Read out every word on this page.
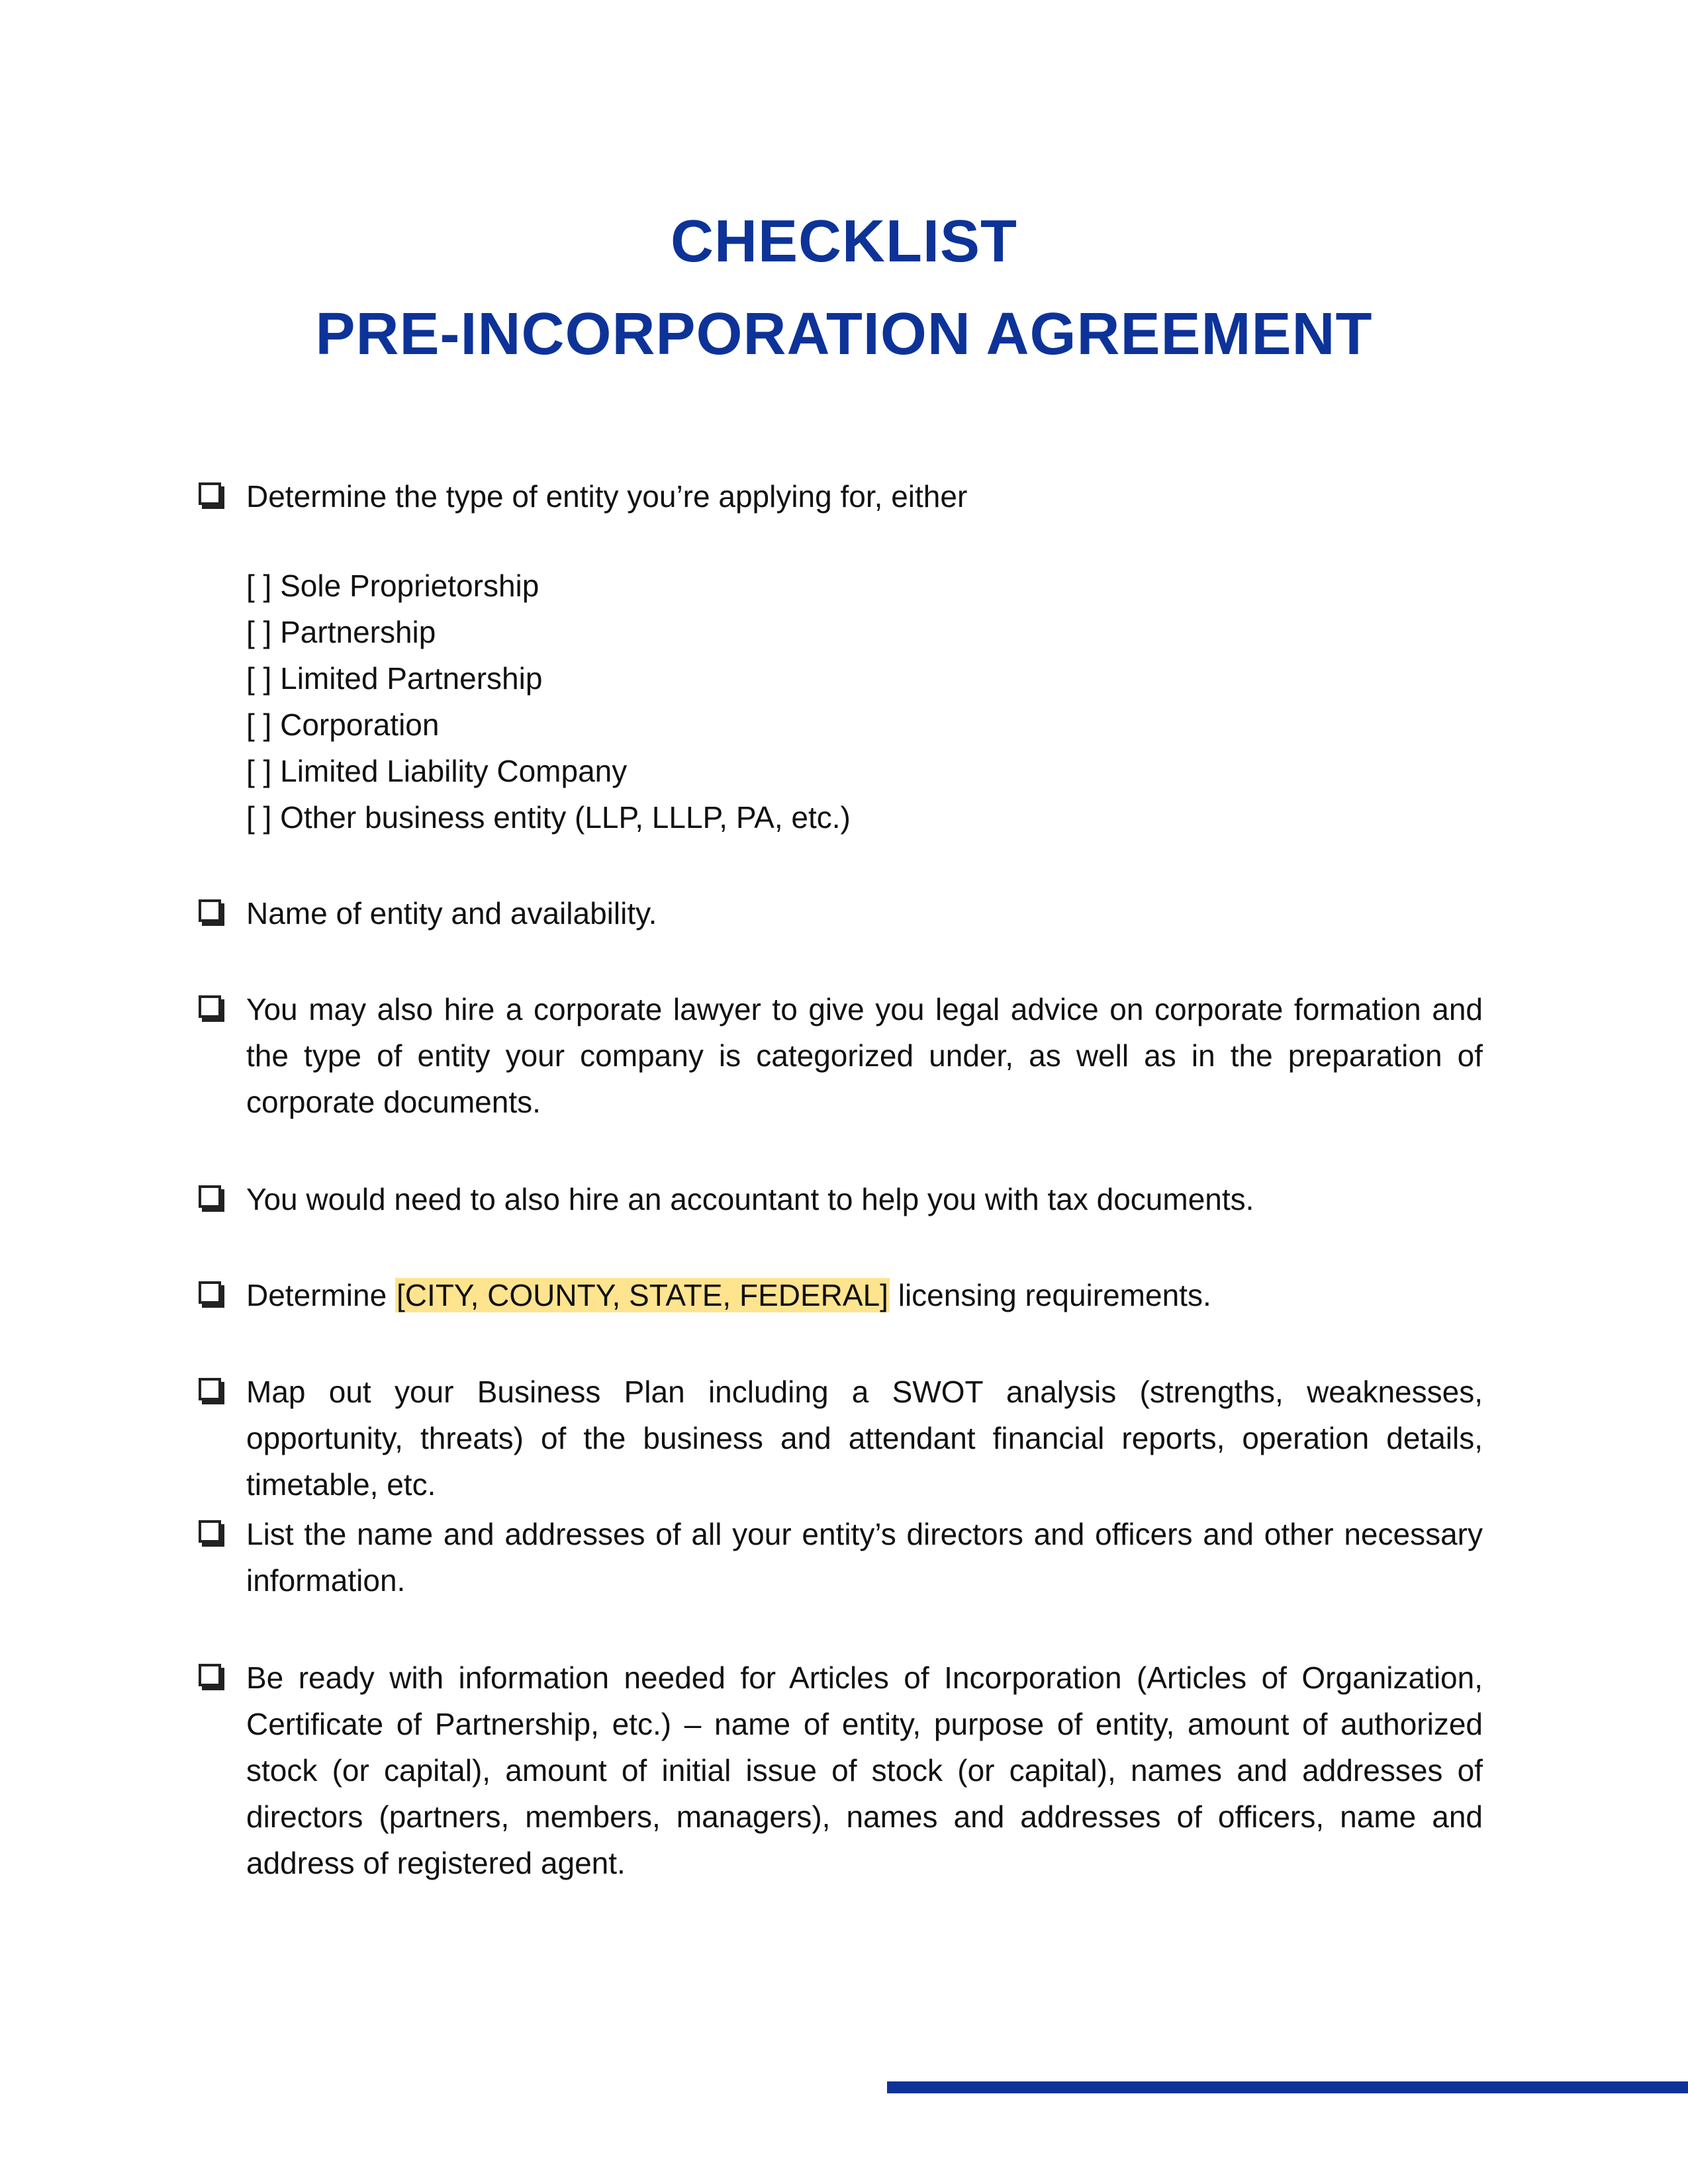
CHECKLIST
PRE-INCORPORATION AGREEMENT
Determine the type of entity you’re applying for, either
[ ] Sole Proprietorship
[ ] Partnership
[ ] Limited Partnership
[ ] Corporation
[ ] Limited Liability Company
[ ] Other business entity (LLP, LLLP, PA, etc.)
Name of entity and availability.
You may also hire a corporate lawyer to give you legal advice on corporate formation and the type of entity your company is categorized under, as well as in the preparation of corporate documents.
You would need to also hire an accountant to help you with tax documents.
Determine [CITY, COUNTY, STATE, FEDERAL] licensing requirements.
Map out your Business Plan including a SWOT analysis (strengths, weaknesses, opportunity, threats) of the business and attendant financial reports, operation details, timetable, etc.
List the name and addresses of all your entity’s directors and officers and other necessary information.
Be ready with information needed for Articles of Incorporation (Articles of Organization, Certificate of Partnership, etc.) – name of entity, purpose of entity, amount of authorized stock (or capital), amount of initial issue of stock (or capital), names and addresses of directors (partners, members, managers), names and addresses of officers, name and address of registered agent.
